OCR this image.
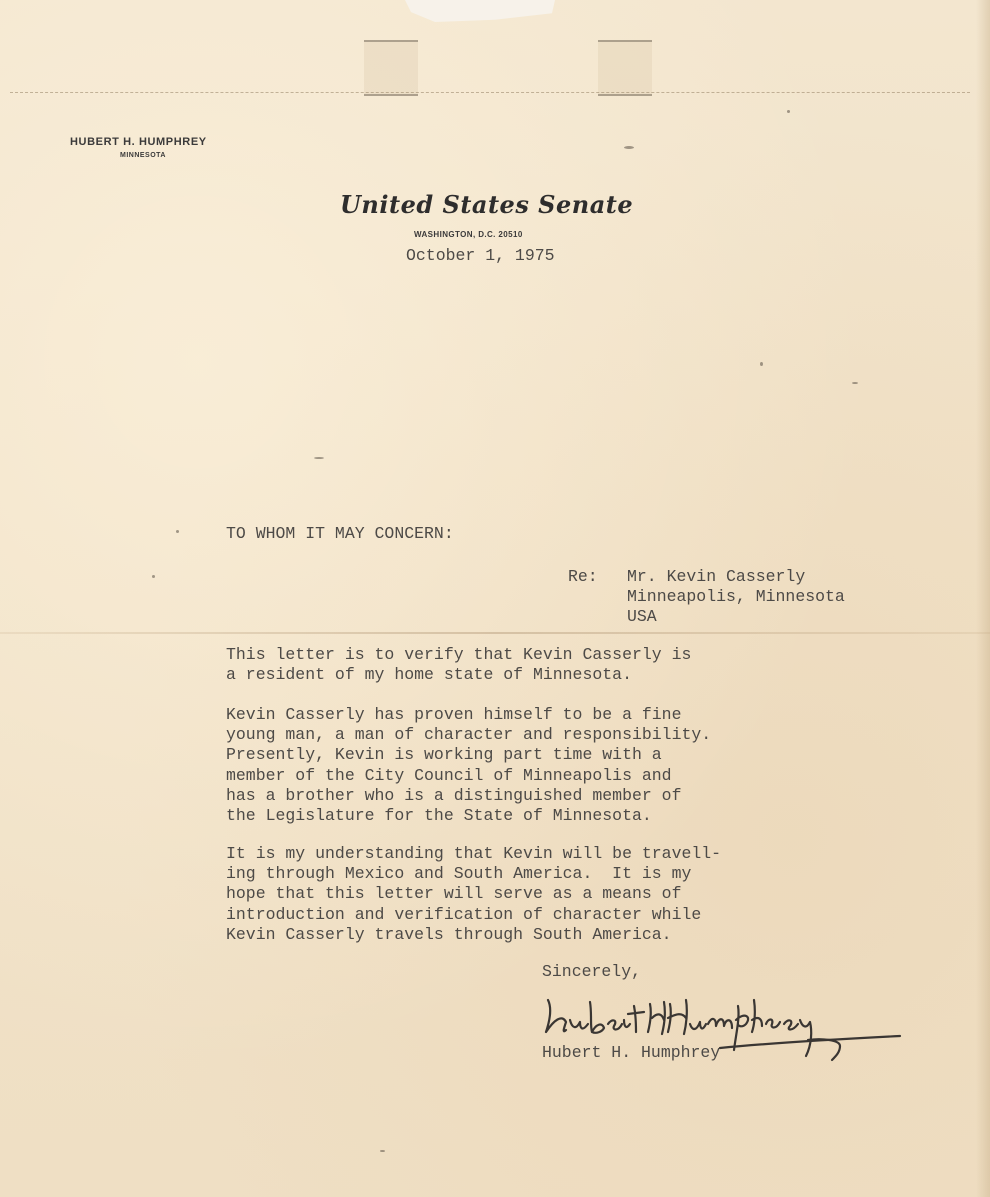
HUBERT H. HUMPHREY
MINNESOTA
United States Senate
WASHINGTON, D.C. 20510
October 1, 1975
TO WHOM IT MAY CONCERN:
Re: Mr. Kevin Casserly
Minneapolis, Minnesota
USA
This letter is to verify that Kevin Casserly is
a resident of my home state of Minnesota.
Kevin Casserly has proven himself to be a fine
young man, a man of character and responsibility.
Presently, Kevin is working part time with a
member of the City Council of Minneapolis and
has a brother who is a distinguished member of
the Legislature for the State of Minnesota.
It is my understanding that Kevin will be travell-
ing through Mexico and South America.  It is my
hope that this letter will serve as a means of
introduction and verification of character while
Kevin Casserly travels through South America.
Sincerely,
Hubert H. Humphrey
